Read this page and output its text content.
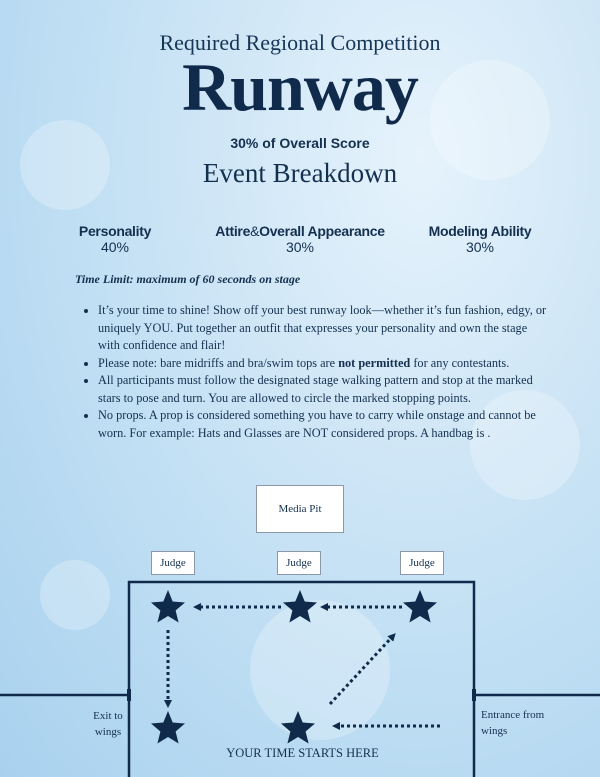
Required Regional Competition
Runway
30% of Overall Score
Event Breakdown
Personality
40%
Attire&Overall Appearance
30%
Modeling Ability
30%
Time Limit: maximum of 60 seconds on stage
• It’s your time to shine! Show off your best runway look—whether it’s fun fashion, edgy, or uniquely YOU. Put together an outfit that expresses your personality and own the stage with confidence and flair!
• Please note: bare midriffs and bra/swim tops are not permitted for any contestants.
• All participants must follow the designated stage walking pattern and stop at the marked stars to pose and turn. You are allowed to circle the marked stopping points.
• No props. A prop is considered something you have to carry while onstage and cannot be worn. For example: Hats and Glasses are NOT considered props. A handbag is .
Media Pit
Judge	Judge	Judge
Exit to wings
Entrance from wings
YOUR TIME STARTS HERE
